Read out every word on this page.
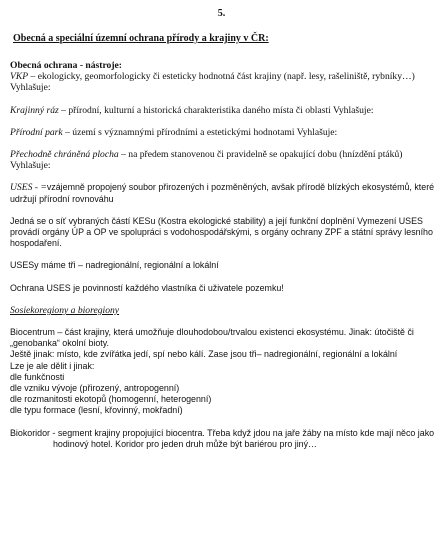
5.
Obecná a speciální územní ochrana přírody a krajiny v ČR:

Obecná ochrana - nástroje:

VKP – ekologicky, geomorfologicky či esteticky hodnotná část krajiny (např. lesy, rašeliniště, rybníky…) Vyhlašuje:

Krajinný ráz – přírodní, kulturní a historická charakteristika daného místa či oblasti Vyhlašuje:

Přírodní park – území s významnými přírodními a estetickými hodnotami Vyhlašuje:

Přechodně chráněná plocha – na předem stanovenou či pravidelně se opakující dobu (hnízdění ptáků) Vyhlašuje:

USES - =vzájemně propojený soubor přirozených i pozměněných, avšak přírodě blízkých ekosystémů, které udržují přírodní rovnováhu

Jedná se o síť vybraných částí KESu (Kostra ekologické stability) a její funkční doplnění Vymezení USES provádí orgány ÚP a OP ve spolupráci s vodohospodářskými, s orgány ochrany ZPF a státní správy lesního hospodaření.

USESy máme tři – nadregionální, regionální a lokální

Ochrana USES je povinností každého vlastníka či uživatele pozemku!

Sosiekoregiony a bioregiony

Biocentrum – část krajiny, která umožňuje dlouhodobou/trvalou existenci ekosystému. Jinak: útočiště či „genobanka“ okolní bioty.

Ještě jinak: místo, kde zvířátka jedí, spí nebo kálí. Zase jsou tři– nadregionální, regionální a lokální

Lze je ale dělit i jinak:

dle funkčnosti

dle vzniku vývoje (přirozený, antropogenní)

dle rozmanitosti ekotopů (homogenní, heterogenní)

dle typu formace (lesní, křovinný, mokřadní)

Biokoridor - segment krajiny propojující biocentra. Třeba když jdou na jaře žáby na místo kde mají něco jako hodinový hotel. Koridor pro jeden druh může být bariérou pro jiný…
